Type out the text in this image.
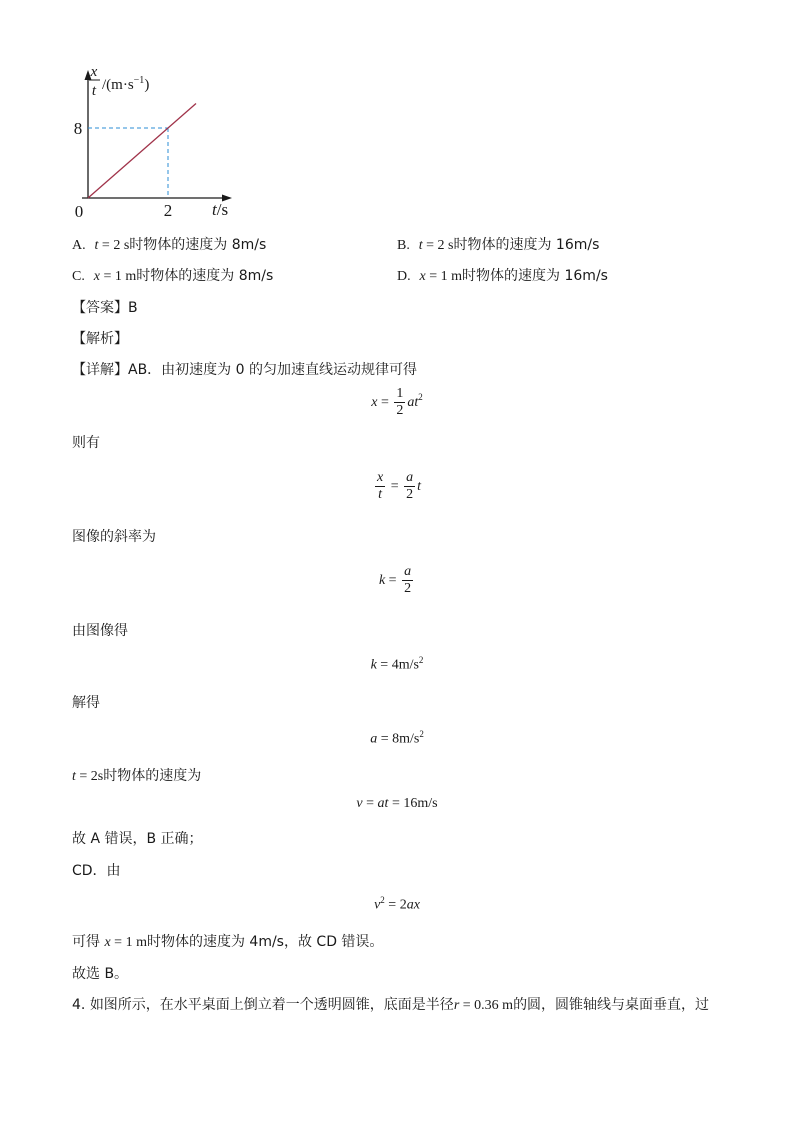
x
t $/(m\cdot s^{-1})$
8
2
0	t/s
A. t = 2 s时物体的速度为 8m/s	B. t = 2 s时物体的速度为 16m/s
C. x = 1 m时物体的速度为 8m/s	D. x = 1 m时物体的速度为 16m/s
【答案】B
【解析】
【详解】AB．由初速度为 0 的匀加速直线运动规律可得
$x = \frac{1}{2} at^2$
则有
$\frac{x}{t} = \frac{a}{2}$ t
图像的斜率为
$k = \frac{a}{2}$
由图像得
$k = 4m/s^2$
解得
$a = 8m/s^2$
t = 2s时物体的速度为
v = at = 16m/s
故 A 错误，B 正确；
CD．由
$v^2 = 2ax$
可得 x = 1 m时物体的速度为 4m/s，故 CD 错误。
故选 B。
4. 如图所示，在水平桌面上倒立着一个透明圆锥，底面是半径r = 0.36 m的圆，圆锥轴线与桌面垂直，过
